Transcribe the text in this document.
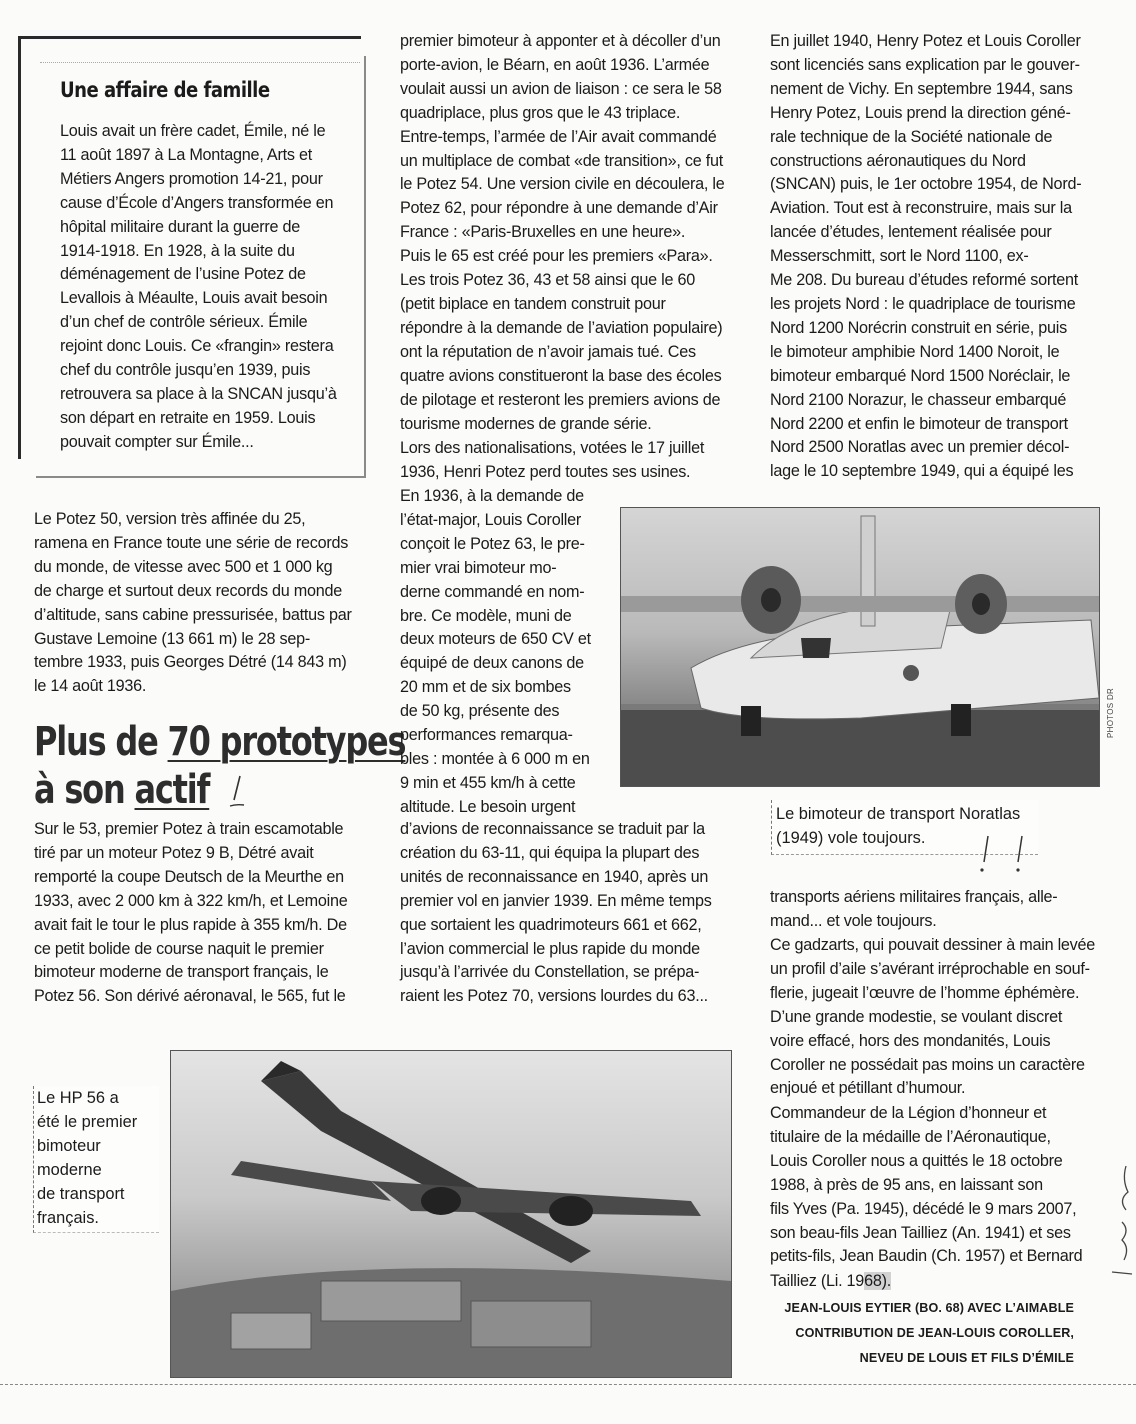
Une affaire de famille

Louis avait un frère cadet, Émile, né le
11 août 1897 à La Montagne, Arts et
Métiers Angers promotion 14-21, pour
cause d’École d’Angers transformée en
hôpital militaire durant la guerre de
1914-1918. En 1928, à la suite du
déménagement de l’usine Potez de
Levallois à Méaulte, Louis avait besoin
d’un chef de contrôle sérieux. Émile
rejoint donc Louis. Ce «frangin» restera
chef du contrôle jusqu’en 1939, puis
retrouvera sa place à la SNCAN jusqu’à
son départ en retraite en 1959. Louis
pouvait compter sur Émile...

Le Potez 50, version très affinée du 25,
ramena en France toute une série de records
du monde, de vitesse avec 500 et 1 000 kg
de charge et surtout deux records du monde
d’altitude, sans cabine pressurisée, battus par
Gustave Lemoine (13 661 m) le 28 sep-
tembre 1933, puis Georges Détré (14 843 m)
le 14 août 1936.

Plus de 70 prototypes
à son actif

Sur le 53, premier Potez à train escamotable
tiré par un moteur Potez 9 B, Détré avait
remporté la coupe Deutsch de la Meurthe en
1933, avec 2 000 km à 322 km/h, et Lemoine
avait fait le tour le plus rapide à 355 km/h. De
ce petit bolide de course naquit le premier
bimoteur moderne de transport français, le
Potez 56. Son dérivé aéronaval, le 565, fut le

premier bimoteur à apponter et à décoller d’un
porte-avion, le Béarn, en août 1936. L’armée
voulait aussi un avion de liaison : ce sera le 58
quadriplace, plus gros que le 43 triplace.
Entre-temps, l’armée de l’Air avait commandé
un multiplace de combat «de transition», ce fut
le Potez 54. Une version civile en découlera, le
Potez 62, pour répondre à une demande d’Air
France : «Paris-Bruxelles en une heure».
Puis le 65 est créé pour les premiers «Para».
Les trois Potez 36, 43 et 58 ainsi que le 60
(petit biplace en tandem construit pour
répondre à la demande de l’aviation populaire)
ont la réputation de n’avoir jamais tué. Ces
quatre avions constitueront la base des écoles
de pilotage et resteront les premiers avions de
tourisme modernes de grande série.

Lors des nationalisations, votées le 17 juillet
1936, Henri Potez perd toutes ses usines.

En 1936, à la demande de
l’état-major, Louis Coroller
conçoit le Potez 63, le pre-
mier vrai bimoteur mo-
derne commandé en nom-
bre. Ce modèle, muni de
deux moteurs de 650 CV et
équipé de deux canons de
20 mm et de six bombes
de 50 kg, présente des
performances remarqua-
bles : montée à 6 000 m en
9 min et 455 km/h à cette
altitude. Le besoin urgent

d’avions de reconnaissance se traduit par la
création du 63-11, qui équipa la plupart des
unités de reconnaissance en 1940, après un
premier vol en janvier 1939. En même temps
que sortaient les quadrimoteurs 661 et 662,
l’avion commercial le plus rapide du monde
jusqu’à l’arrivée du Constellation, se prépa-
raient les Potez 70, versions lourdes du 63...

PHOTOS DR

Le bimoteur de transport Noratlas
(1949) vole toujours.

En juillet 1940, Henry Potez et Louis Coroller
sont licenciés sans explication par le gouver-
nement de Vichy. En septembre 1944, sans
Henry Potez, Louis prend la direction géné-
rale technique de la Société nationale de
constructions aéronautiques du Nord
(SNCAN) puis, le 1er octobre 1954, de Nord-
Aviation. Tout est à reconstruire, mais sur la
lancée d’études, lentement réalisée pour
Messerschmitt, sort le Nord 1100, ex-
Me 208. Du bureau d’études reformé sortent
les projets Nord : le quadriplace de tourisme
Nord 1200 Norécrin construit en série, puis
le bimoteur amphibie Nord 1400 Noroit, le
bimoteur embarqué Nord 1500 Noréclair, le
Nord 2100 Norazur, le chasseur embarqué
Nord 2200 et enfin le bimoteur de transport
Nord 2500 Noratlas avec un premier décol-
lage le 10 septembre 1949, qui a équipé les

transports aériens militaires français, alle-
mand... et vole toujours.

Ce gadzarts, qui pouvait dessiner à main levée
un profil d’aile s’avérant irréprochable en souf-
flerie, jugeait l’œuvre de l’homme éphémère.
D’une grande modestie, se voulant discret
voire effacé, hors des mondanités, Louis
Coroller ne possédait pas moins un caractère
enjoué et pétillant d’humour.

Commandeur de la Légion d’honneur et
titulaire de la médaille de l’Aéronautique,
Louis Coroller nous a quittés le 18 octobre
1988, à près de 95 ans, en laissant son
fils Yves (Pa. 1945), décédé le 9 mars 2007,
son beau-fils Jean Tailliez (An. 1941) et ses
petits-fils, Jean Baudin (Ch. 1957) et Bernard

Tailliez (Li. 1968).

JEAN-LOUIS EYTIER (BO. 68) AVEC L’AIMABLE
CONTRIBUTION DE JEAN-LOUIS COROLLER,
NEVEU DE LOUIS ET FILS D’ÉMILE

Le HP 56 a
été le premier
bimoteur
moderne
de transport
français.
